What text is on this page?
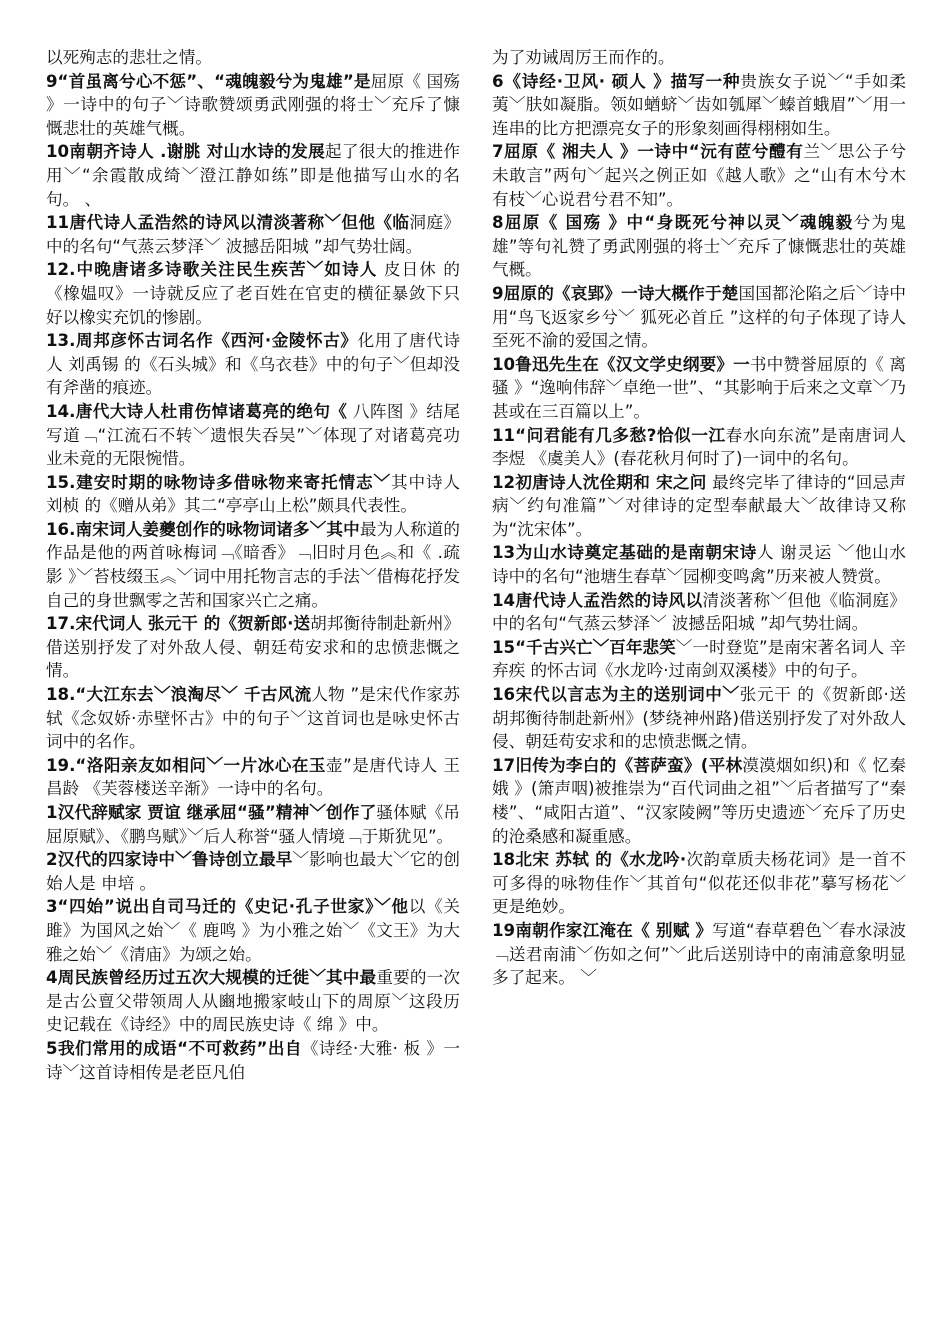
以死殉志的悲壮之情。

9“首虽离兮心不惩”、“魂魄毅兮为鬼雄”是屈原《 国殇 》一诗中的句子﹀诗歌赞颂勇武刚强的将士﹀充斥了慷慨悲壮的英雄气概。

10南朝齐诗人 .谢朓 对山水诗的发展起了很大的推进作用﹀“余霞散成绮﹀澄江静如练”即是他描写山水的名句。 、

11唐代诗人孟浩然的诗风以清淡著称﹀但他《临洞庭》中的名句“气蒸云梦泽﹀ 波撼岳阳城 ”却气势壮阔。

12.中晚唐诸多诗歌关注民生疾苦﹀如诗人 皮日休 的《橡媪叹》一诗就反应了老百姓在官吏的横征暴敛下只好以橡实充饥的惨剧。

13.周邦彦怀古词名作《西河·金陵怀古》化用了唐代诗人 刘禹锡 的《石头城》和《乌衣巷》中的句子﹀但却没有斧凿的痕迹。

14.唐代大诗人杜甫伤悼诸葛亮的绝句《 八阵图 》结尾写道﹁“江流石不转﹀遗恨失吞吴”﹀体现了对诸葛亮功业未竟的无限惋惜。

15.建安时期的咏物诗多借咏物来寄托情志﹀其中诗人 刘桢 的《赠从弟》其二“亭亭山上松”颇具代表性。

16.南宋词人姜夔创作的咏物词诸多﹀其中最为人称道的作品是他的两首咏梅词﹁《暗香》﹁旧时月色︽和《 .疏影 》﹀苔枝缀玉︽﹀词中用托物言志的手法﹀借梅花抒发自己的身世飘零之苦和国家兴亡之痛。

17.宋代词人 张元干 的《贺新郎·送胡邦衡待制赴新州》借送别抒发了对外敌人侵、朝廷苟安求和的忠愤悲慨之情。

18.“大江东去﹀浪淘尽﹀ 千古风流人物 ”是宋代作家苏轼《念奴娇·赤壁怀古》中的句子﹀这首词也是咏史怀古词中的名作。

19.“洛阳亲友如相问﹀一片冰心在玉壶”是唐代诗人 王昌龄 《芙蓉楼送辛渐》一诗中的名句。

1汉代辞赋家 贾谊 继承屈“骚”精神﹀创作了骚体赋《吊屈原赋》、《鹏鸟赋》﹀后人称誉“骚人情境﹁于斯犹见”。

2汉代的四家诗中﹀鲁诗创立最早﹀影响也最大﹀它的创始人是 申培 。

3“四始”说出自司马迁的《史记·孔子世家》﹀他以《关雎》为国风之始﹀《 鹿鸣 》为小雅之始﹀《文王》为大雅之始﹀《清庙》为颂之始。

4周民族曾经历过五次大规模的迁徙﹀其中最重要的一次是古公亶父带领周人从豳地搬家岐山下的周原﹀这段历史记载在《诗经》中的周民族史诗《 绵 》中。

5我们常用的成语“不可救药”出自《诗经·大雅· 板 》一诗﹀这首诗相传是老臣凡伯

为了劝诫周厉王而作的。

6《诗经·卫风· 硕人 》描写一种贵族女子说﹀“手如柔荑﹀肤如凝脂。领如蝤蛴﹀齿如瓠犀﹀螓首蛾眉”﹀用一连串的比方把漂亮女子的形象刻画得栩栩如生。

7屈原《 湘夫人 》一诗中“沅有茝兮醴有兰﹀思公子兮未敢言”两句﹀起兴之例正如《越人歌》之“山有木兮木有枝﹀心说君兮君不知”。

8屈原《 国殇 》中“身既死兮神以灵﹀魂魄毅兮为鬼雄”等句礼赞了勇武刚强的将士﹀充斥了慷慨悲壮的英雄气概。

9屈原的《哀郢》一诗大概作于楚国国都沦陷之后﹀诗中用“鸟飞返家乡兮﹀ 狐死必首丘 ”这样的句子体现了诗人至死不渝的爱国之情。

10鲁迅先生在《汉文学史纲要》一书中赞誉屈原的《 离骚 》“逸响伟辞﹀卓绝一世”、“其影响于后来之文章﹀乃甚或在三百篇以上”。

11“问君能有几多愁?恰似一江春水向东流”是南唐词人 李煜 《虞美人》(春花秋月何时了)一词中的名句。

12初唐诗人沈佺期和 宋之问 最终完毕了律诗的“回忌声病﹀约句准篇”﹀对律诗的定型奉献最大﹀故律诗又称为“沈宋体”。

13为山水诗奠定基础的是南朝宋诗人 谢灵运 ﹀他山水诗中的名句“池塘生春草﹀园柳变鸣禽”历来被人赞赏。

14唐代诗人孟浩然的诗风以清淡著称﹀但他《临洞庭》中的名句“气蒸云梦泽﹀ 波撼岳阳城 ”却气势壮阔。

15“千古兴亡﹀百年悲笑﹀一时登览”是南宋著名词人 辛弃疾 的怀古词《水龙吟·过南剑双溪楼》中的句子。

16宋代以言志为主的送别词中﹀张元干 的《贺新郎·送胡邦衡待制赴新州》(梦绕神州路)借送别抒发了对外敌人侵、朝廷苟安求和的忠愤悲慨之情。

17旧传为李白的《菩萨蛮》(平林漠漠烟如织)和《 忆秦娥 》(箫声咽)被推崇为“百代词曲之祖”﹀后者描写了“秦楼”、“咸阳古道”、“汉家陵阙”等历史遗迹﹀充斥了历史的沧桑感和凝重感。

18北宋 苏轼 的《水龙吟·次韵章质夫杨花词》是一首不可多得的咏物佳作﹀其首句“似花还似非花”摹写杨花﹀更是绝妙。

19南朝作家江淹在《 别赋 》写道“春草碧色﹀春水渌波﹁送君南浦﹀伤如之何”﹀此后送别诗中的南浦意象明显多了起来。 ﹀
